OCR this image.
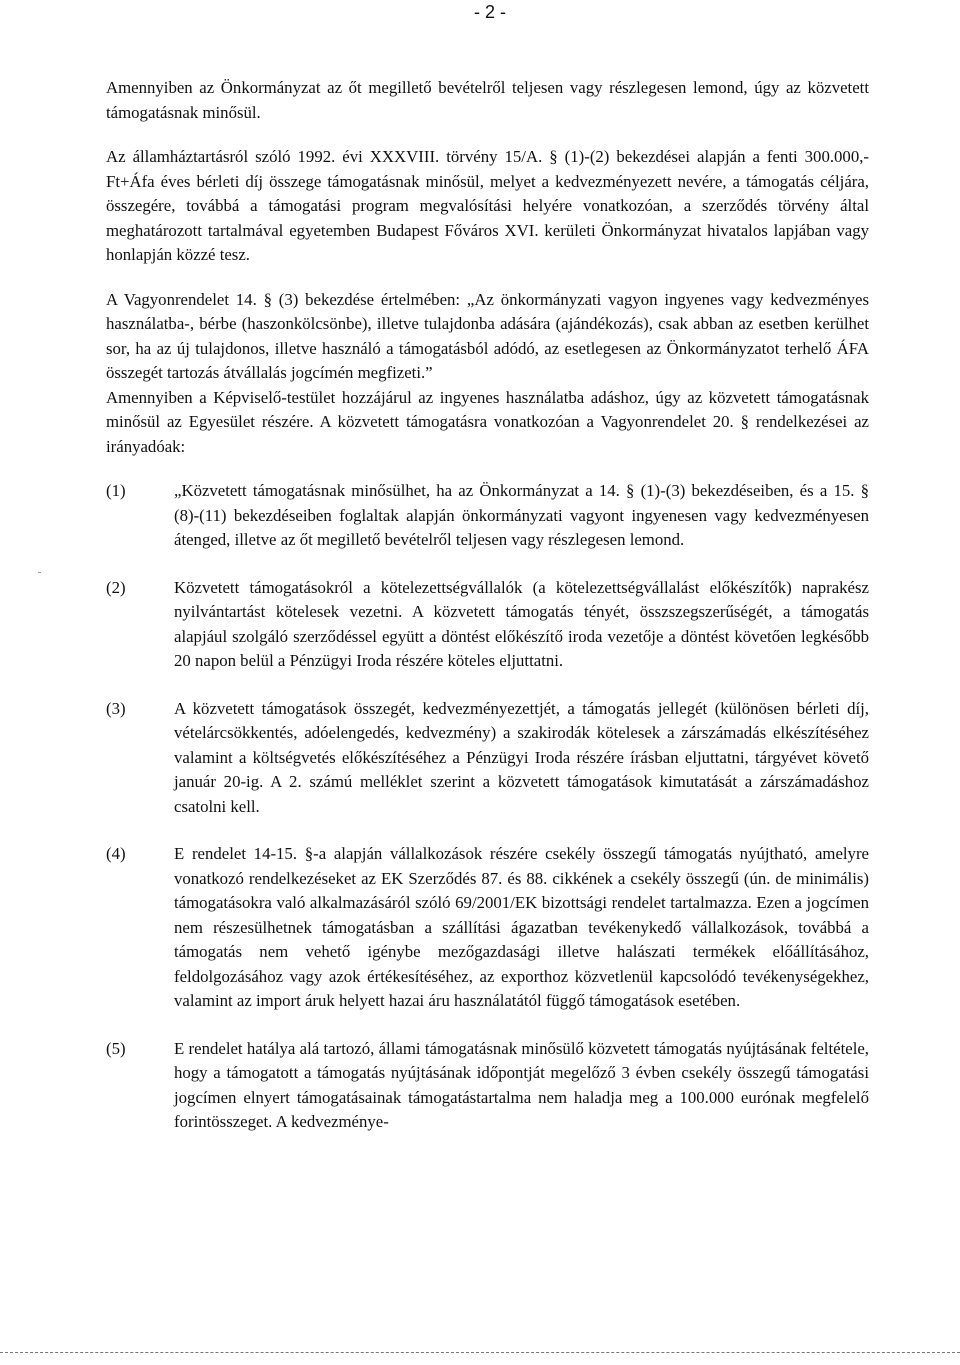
- 2 -

Amennyiben az Önkormányzat az őt megillető bevételről teljesen vagy részlegesen lemond, úgy az közvetett támogatásnak minősül.

Az államháztartásról szóló 1992. évi XXXVIII. törvény 15/A. § (1)-(2) bekezdései alapján a fenti 300.000,- Ft+Áfa éves bérleti díj összege támogatásnak minősül, melyet a kedvezményezett nevére, a támogatás céljára, összegére, továbbá a támogatási program megvalósítási helyére vonatkozóan, a szerződés törvény által meghatározott tartalmával egyetemben Budapest Főváros XVI. kerületi Önkormányzat hivatalos lapjában vagy honlapján közzé tesz.

A Vagyonrendelet 14. § (3) bekezdése értelmében: „Az önkormányzati vagyon ingyenes vagy kedvezményes használatba-, bérbe (haszonkölcsönbe), illetve tulajdonba adására (ajándékozás), csak abban az esetben kerülhet sor, ha az új tulajdonos, illetve használó a támogatásból adódó, az esetlegesen az Önkormányzatot terhelő ÁFA összegét tartozás átvállalás jogcímén megfizeti.”

Amennyiben a Képviselő-testület hozzájárul az ingyenes használatba adáshoz, úgy az közvetett támogatásnak minősül az Egyesület részére. A közvetett támogatásra vonatkozóan a Vagyonrendelet 20. § rendelkezései az irányadóak:

(1)	„Közvetett támogatásnak minősülhet, ha az Önkormányzat a 14. § (1)-(3) bekezdéseiben, és a 15. § (8)-(11) bekezdéseiben foglaltak alapján önkormányzati vagyont ingyenesen vagy kedvezményesen átenged, illetve az őt megillető bevételről teljesen vagy részlegesen lemond.
(2)	Közvetett támogatásokról a kötelezettségvállalók (a kötelezettségvállalást előkészítők) naprakész nyilvántartást kötelesek vezetni. A közvetett támogatás tényét, összszegszerűségét, a támogatás alapjául szolgáló szerződéssel együtt a döntést előkészítő iroda vezetője a döntést követően legkésőbb 20 napon belül a Pénzügyi Iroda részére köteles eljuttatni.
(3)	A közvetett támogatások összegét, kedvezményezettjét, a támogatás jellegét (különösen bérleti díj, vételárcsökkentés, adóelengedés, kedvezmény) a szakirodák kötelesek a zárszámadás elkészítéséhez valamint a költségvetés előkészítéséhez a Pénzügyi Iroda részére írásban eljuttatni, tárgyévet követő január 20-ig. A 2. számú melléklet szerint a közvetett támogatások kimutatását a zárszámadáshoz csatolni kell.
(4)	E rendelet 14-15. §-a alapján vállalkozások részére csekély összegű támogatás nyújtható, amelyre vonatkozó rendelkezéseket az EK Szerződés 87. és 88. cikkének a csekély összegű (ún. de minimális) támogatásokra való alkalmazásáról szóló 69/2001/EK bizottsági rendelet tartalmazza. Ezen a jogcímen nem részesülhetnek támogatásban a szállítási ágazatban tevékenykedő vállalkozások, továbbá a támogatás nem vehető igénybe mezőgazdasági illetve halászati termékek előállításához, feldolgozásához vagy azok értékesítéséhez, az exporthoz közvetlenül kapcsolódó tevékenységekhez, valamint az import áruk helyett hazai áru használatától függő támogatások esetében.
(5)	E rendelet hatálya alá tartozó, állami támogatásnak minősülő közvetett támogatás nyújtásának feltétele, hogy a támogatott a támogatás nyújtásának időpontját megelőző 3 évben csekély összegű támogatási jogcímen elnyert támogatásainak támogatástartalma nem haladja meg a 100.000 eurónak megfelelő forintösszeget. A kedvezménye-
